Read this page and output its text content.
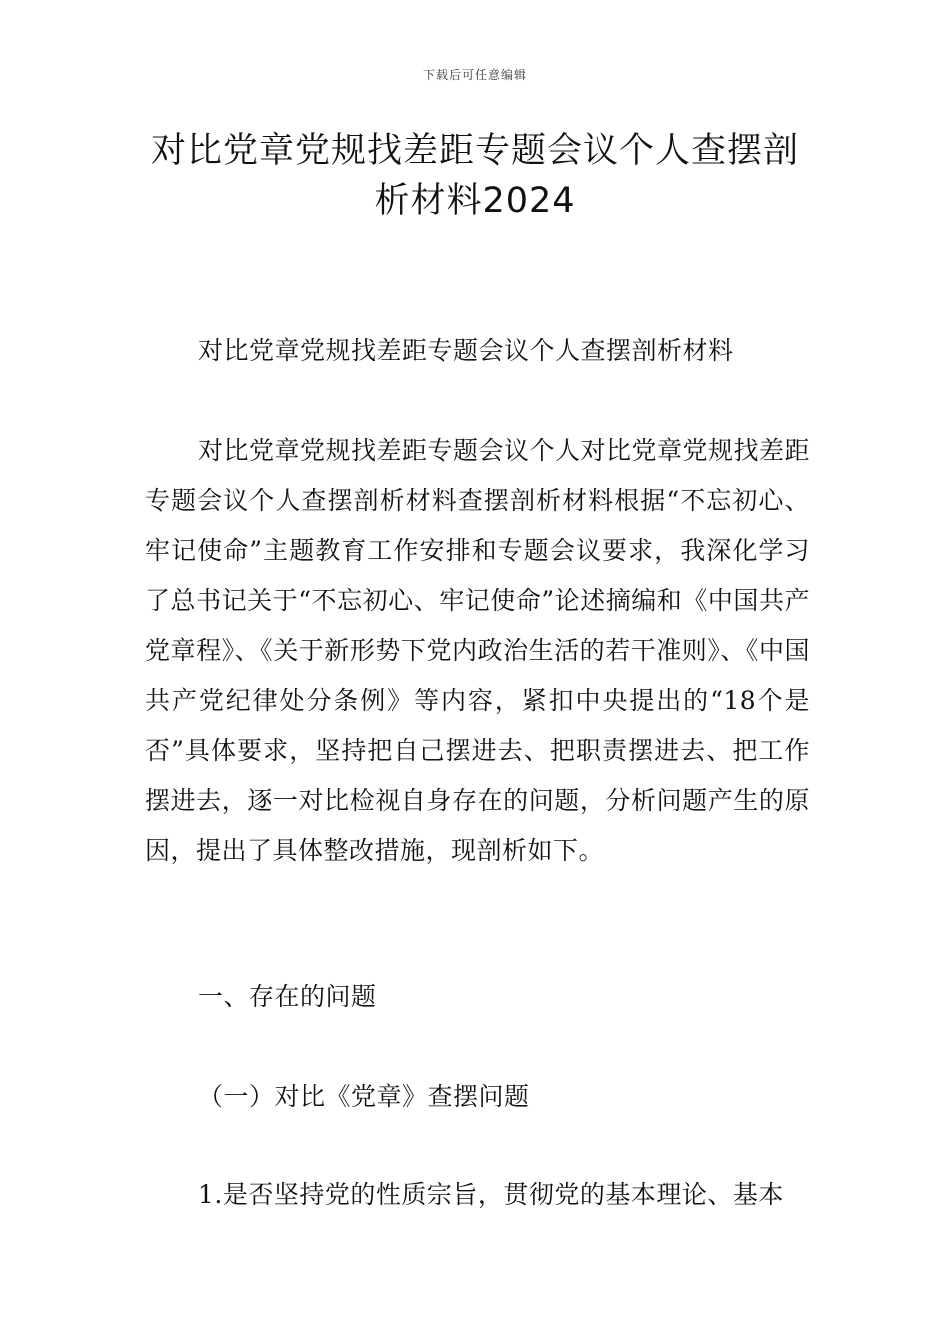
下载后可任意编辑
对比党章党规找差距专题会议个人查摆剖析材料2024

对比党章党规找差距专题会议个人查摆剖析材料

对比党章党规找差距专题会议个人对比党章党规找差距专题会议个人查摆剖析材料查摆剖析材料根据“不忘初心、牢记使命”主题教育工作安排和专题会议要求，我深化学习了总书记关于“不忘初心、牢记使命”论述摘编和《中国共产党章程》、《关于新形势下党内政治生活的若干准则》、《中国共产党纪律处分条例》等内容，紧扣中央提出的“18个是否”具体要求，坚持把自己摆进去、把职责摆进去、把工作摆进去，逐一对比检视自身存在的问题，分析问题产生的原因，提出了具体整改措施，现剖析如下。

一、存在的问题

（一）对比《党章》查摆问题

1.是否坚持党的性质宗旨，贯彻党的基本理论、基本
